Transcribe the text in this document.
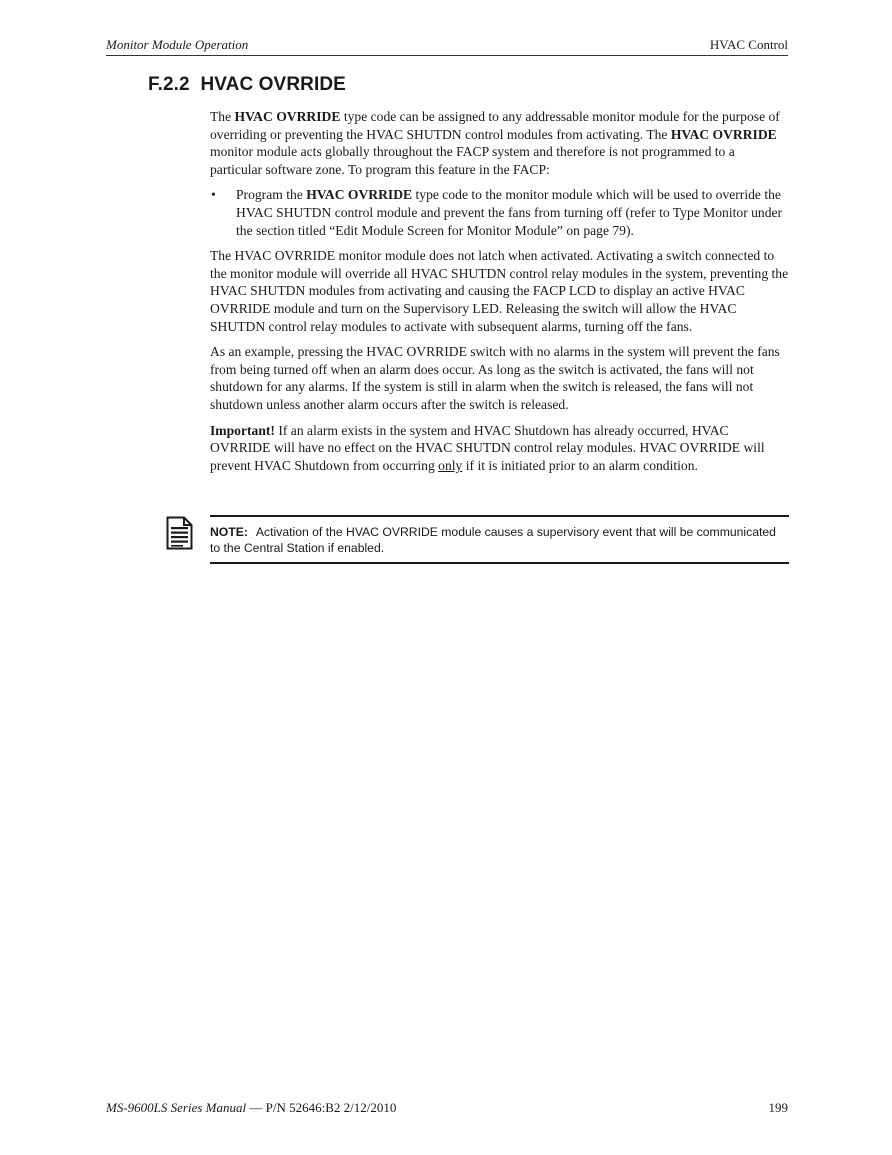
Monitor Module Operation	HVAC Control
F.2.2 HVAC OVRRIDE

The HVAC OVRRIDE type code can be assigned to any addressable monitor module for the purpose of overriding or preventing the HVAC SHUTDN control modules from activating. The HVAC OVRRIDE monitor module acts globally throughout the FACP system and therefore is not programmed to a particular software zone. To program this feature in the FACP:

• Program the HVAC OVRRIDE type code to the monitor module which will be used to override the HVAC SHUTDN control module and prevent the fans from turning off (refer to Type Monitor under the section titled “Edit Module Screen for Monitor Module” on page 79).

The HVAC OVRRIDE monitor module does not latch when activated. Activating a switch connected to the monitor module will override all HVAC SHUTDN control relay modules in the system, preventing the HVAC SHUTDN modules from activating and causing the FACP LCD to display an active HVAC OVRRIDE module and turn on the Supervisory LED. Releasing the switch will allow the HVAC SHUTDN control relay modules to activate with subsequent alarms, turning off the fans.

As an example, pressing the HVAC OVRRIDE switch with no alarms in the system will prevent the fans from being turned off when an alarm does occur. As long as the switch is activated, the fans will not shutdown for any alarms. If the system is still in alarm when the switch is released, the fans will not shutdown unless another alarm occurs after the switch is released.

Important! If an alarm exists in the system and HVAC Shutdown has already occurred, HVAC OVRRIDE will have no effect on the HVAC SHUTDN control relay modules. HVAC OVRRIDE will prevent HVAC Shutdown from occurring only if it is initiated prior to an alarm condition.

NOTE: Activation of the HVAC OVRRIDE module causes a supervisory event that will be communicated to the Central Station if enabled.
MS-9600LS Series Manual — P/N 52646:B2 2/12/2010	199
